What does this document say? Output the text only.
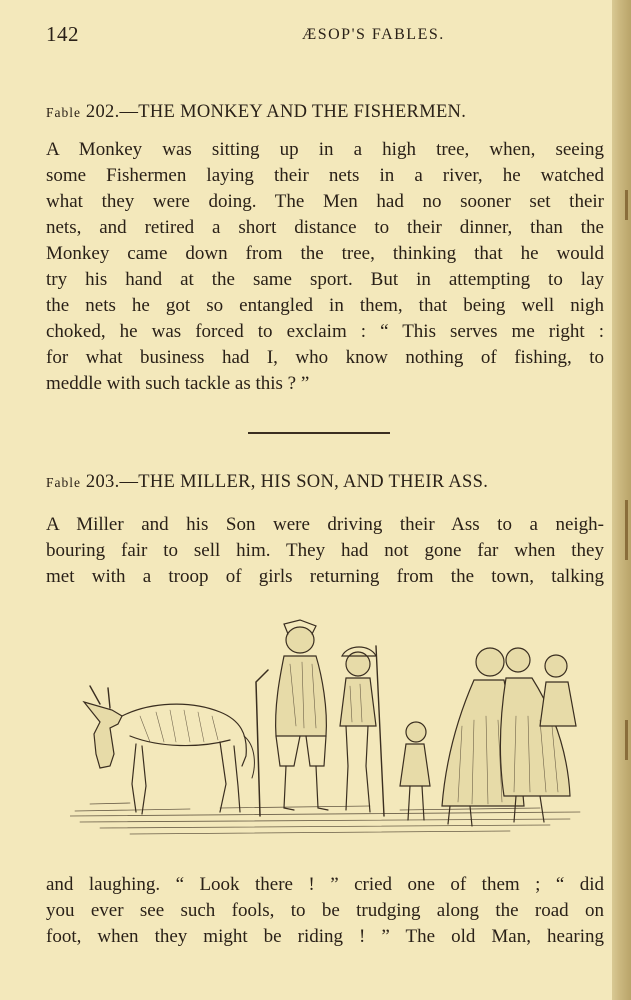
142	ÆSOP'S FABLES.
Fable 202.—THE MONKEY AND THE FISHERMEN.
A Monkey was sitting up in a high tree, when, seeing
some Fishermen laying their nets in a river, he watched
what they were doing. The Men had no sooner set their
nets, and retired a short distance to their dinner, than the
Monkey came down from the tree, thinking that he would
try his hand at the same sport. But in attempting to lay
the nets he got so entangled in them, that being well nigh
choked, he was forced to exclaim : “ This serves me right :
for what business had I, who know nothing of fishing, to
meddle with such tackle as this ? ”
Fable 203.—THE MILLER, HIS SON, AND THEIR ASS.
A Miller and his Son were driving their Ass to a neigh-
bouring fair to sell him. They had not gone far when they
met with a troop of girls returning from the town, talking
and laughing. “ Look there ! ” cried one of them ; “ did
you ever see such fools, to be trudging along the road on
foot, when they might be riding ! ” The old Man, hearing
